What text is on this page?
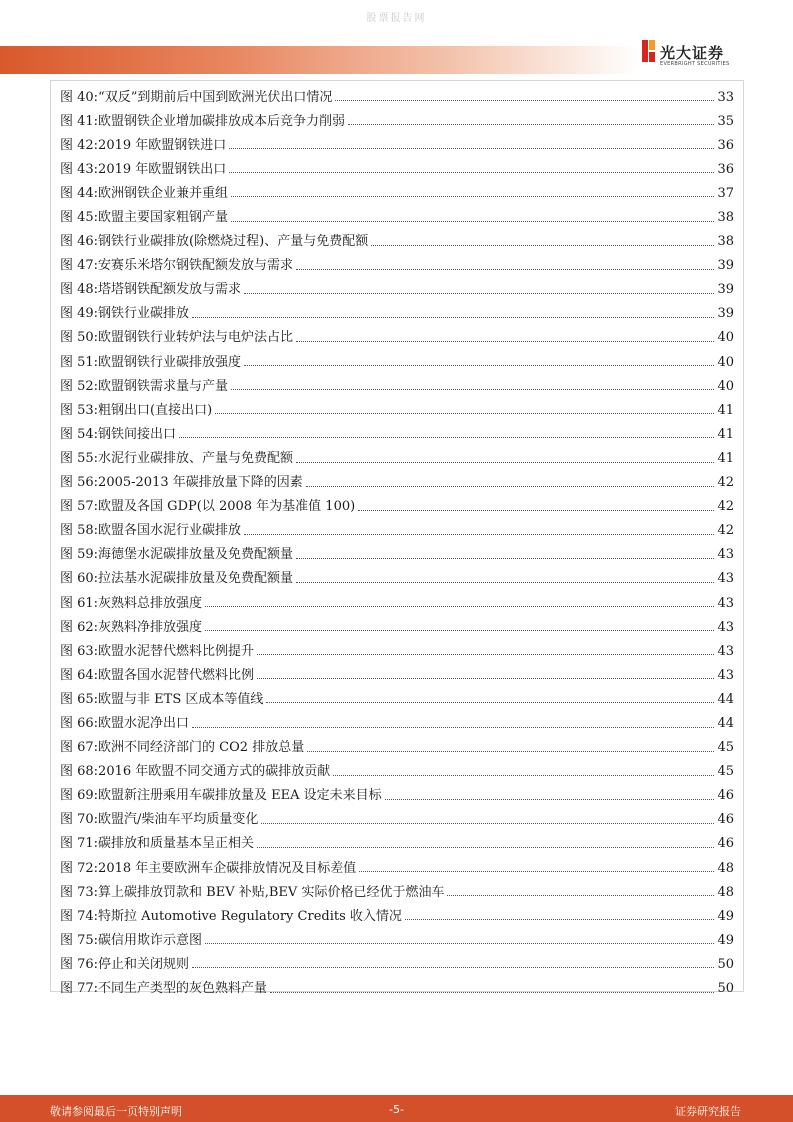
股票报告网
光大证券
EVERBRIGHT SECURITIES
图 40:“双反”到期前后中国到欧洲光伏出口情况	33
图 41:欧盟钢铁企业增加碳排放成本后竞争力削弱	35
图 42:2019 年欧盟钢铁进口	36
图 43:2019 年欧盟钢铁出口	36
图 44:欧洲钢铁企业兼并重组	37
图 45:欧盟主要国家粗钢产量	38
图 46:钢铁行业碳排放(除燃烧过程)、产量与免费配额	38
图 47:安赛乐米塔尔钢铁配额发放与需求	39
图 48:塔塔钢铁配额发放与需求	39
图 49:钢铁行业碳排放	39
图 50:欧盟钢铁行业转炉法与电炉法占比	40
图 51:欧盟钢铁行业碳排放强度	40
图 52:欧盟钢铁需求量与产量	40
图 53:粗钢出口(直接出口)	41
图 54:钢铁间接出口	41
图 55:水泥行业碳排放、产量与免费配额	41
图 56:2005-2013 年碳排放量下降的因素	42
图 57:欧盟及各国 GDP(以 2008 年为基准值 100)	42
图 58:欧盟各国水泥行业碳排放	42
图 59:海德堡水泥碳排放量及免费配额量	43
图 60:拉法基水泥碳排放量及免费配额量	43
图 61:灰熟料总排放强度	43
图 62:灰熟料净排放强度	43
图 63:欧盟水泥替代燃料比例提升	43
图 64:欧盟各国水泥替代燃料比例	43
图 65:欧盟与非 ETS 区成本等值线	44
图 66:欧盟水泥净出口	44
图 67:欧洲不同经济部门的 CO2 排放总量	45
图 68:2016 年欧盟不同交通方式的碳排放贡献	45
图 69:欧盟新注册乘用车碳排放量及 EEA 设定未来目标	46
图 70:欧盟汽/柴油车平均质量变化	46
图 71:碳排放和质量基本呈正相关	46
图 72:2018 年主要欧洲车企碳排放情况及目标差值	48
图 73:算上碳排放罚款和 BEV 补贴,BEV 实际价格已经优于燃油车	48
图 74:特斯拉 Automotive Regulatory Credits 收入情况	49
图 75:碳信用欺诈示意图	49
图 76:停止和关闭规则	50
图 77:不同生产类型的灰色熟料产量	50
敬请参阅最后一页特别声明	-5-	证券研究报告
